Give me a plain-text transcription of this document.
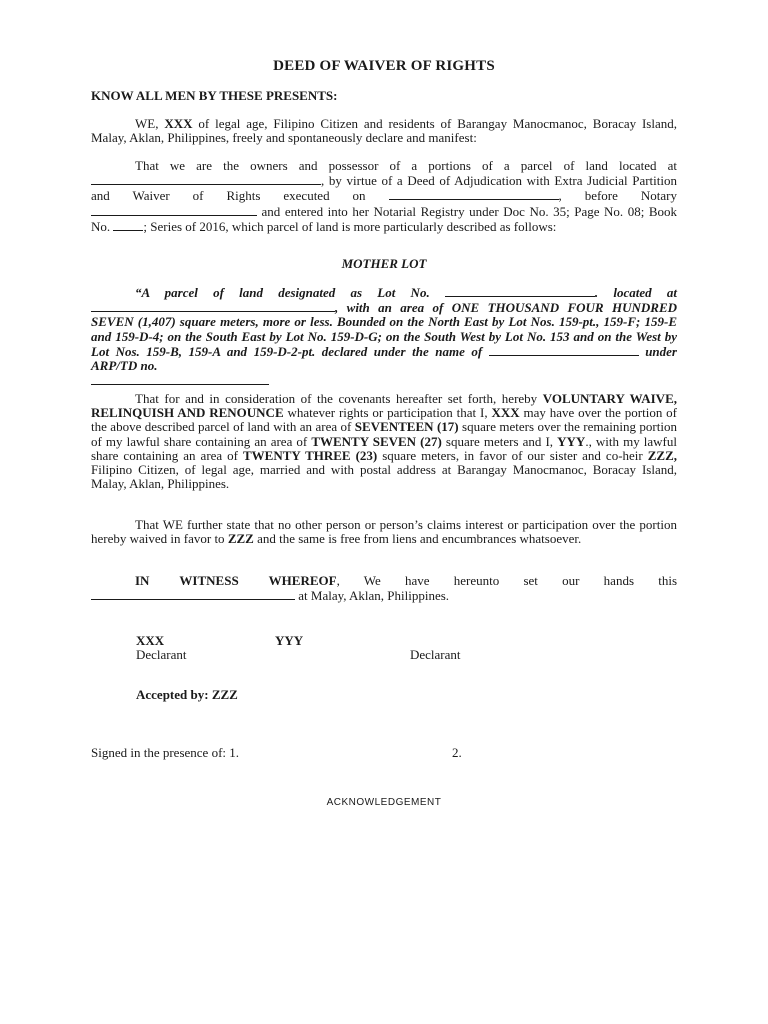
DEED OF WAIVER OF RIGHTS
KNOW ALL MEN BY THESE PRESENTS:
WE, XXX of legal age, Filipino Citizen and residents of Barangay Manocmanoc, Boracay Island, Malay, Aklan, Philippines, freely and spontaneously declare and manifest:
That we are the owners and possessor of a portions of a parcel of land located at , by virtue of a Deed of Adjudication with Extra Judicial Partition and Waiver of Rights executed on	, before Notary  and entered into her Notarial Registry under Doc No. 35; Page No. 08; Book No. ; Series of 2016, which parcel of land is more particularly described as follows:
MOTHER LOT
“A parcel of land designated as Lot No.	. located at , with an area of ONE THOUSAND FOUR HUNDRED SEVEN (1,407) square meters, more or less. Bounded on the North East by Lot Nos. 159-pt., 159-F; 159-E and 159-D-4; on the South East by Lot No. 159-D-G; on the South West by Lot No. 153 and on the West by Lot Nos. 159-B, 159-A and 159-D-2-pt. declared under the name of	under ARP/TD no.

That for and in consideration of the covenants hereafter set forth, hereby VOLUNTARY WAIVE, RELINQUISH AND RENOUNCE whatever rights or participation that I, XXX may have over the portion of the above described parcel of land with an area of SEVENTEEN (17) square meters over the remaining portion of my lawful share containing an area of TWENTY SEVEN (27) square meters and I, YYY., with my lawful share containing an area of TWENTY THREE (23) square meters, in favor of our sister and co-heir ZZZ, Filipino Citizen, of legal age, married and with postal address at Barangay Manocmanoc, Boracay Island, Malay, Aklan, Philippines.
That WE further state that no other person or person’s claims interest or participation over the portion hereby waived in favor to ZZZ and the same is free from liens and encumbrances whatsoever.
IN WITNESS WHEREOF, We have hereunto set our hands this  at Malay, Aklan, Philippines.
XXX	YYY
Declarant	Declarant
Accepted by: ZZZ
Signed in the presence of: 1.	2.
ACKNOWLEDGEMENT
